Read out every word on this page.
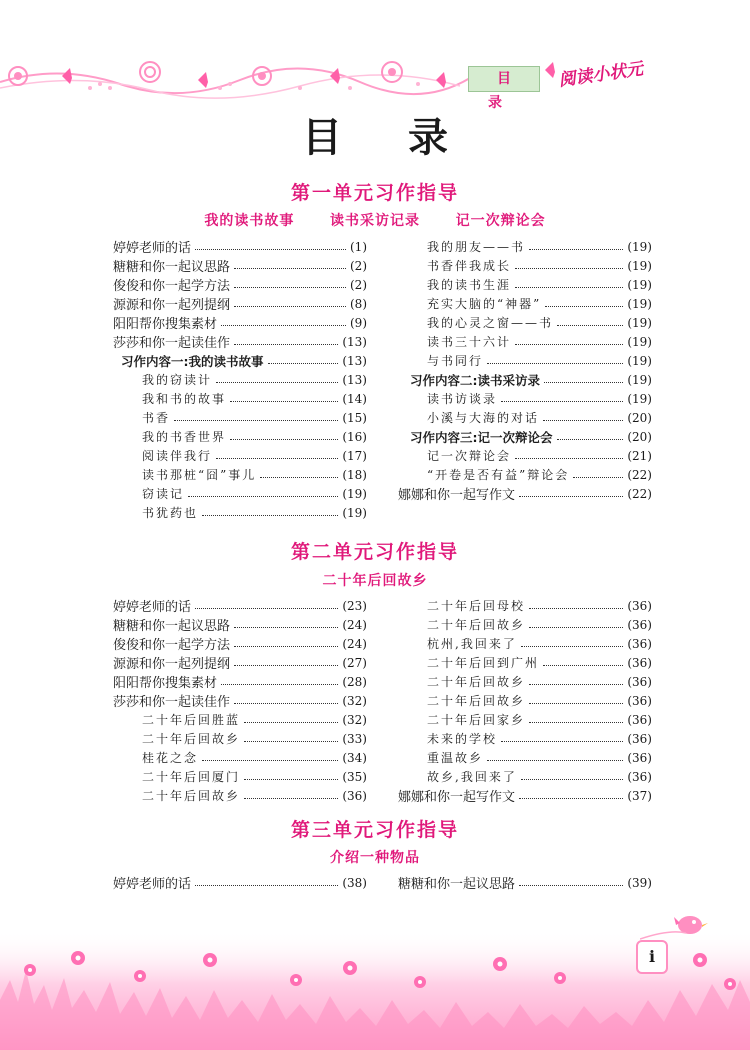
目录
阅读小状元
目录
第一单元习作指导
我的读书故事   读书采访记录   记一次辩论会
婷婷老师的话	(1)
糖糖和你一起议思路	(2)
俊俊和你一起学方法	(2)
源源和你一起列提纲	(8)
阳阳帮你搜集素材	(9)
莎莎和你一起读佳作	(13)
习作内容一:我的读书故事	(13)
我的窃读计	(13)
我和书的故事	(14)
书香	(15)
我的书香世界	(16)
阅读伴我行	(17)
读书那桩“囧”事儿	(18)
窃读记	(19)
书犹药也	(19)
我的朋友——书	(19)
书香伴我成长	(19)
我的读书生涯	(19)
充实大脑的“神器”	(19)
我的心灵之窗——书	(19)
读书三十六计	(19)
与书同行	(19)
习作内容二:读书采访录	(19)
读书访谈录	(19)
小溪与大海的对话	(20)
习作内容三:记一次辩论会	(20)
记一次辩论会	(21)
“开卷是否有益”辩论会	(22)
娜娜和你一起写作文	(22)
第二单元习作指导
二十年后回故乡
婷婷老师的话	(23)
糖糖和你一起议思路	(24)
俊俊和你一起学方法	(24)
源源和你一起列提纲	(27)
阳阳帮你搜集素材	(28)
莎莎和你一起读佳作	(32)
二十年后回胜蓝	(32)
二十年后回故乡	(33)
桂花之念	(34)
二十年后回厦门	(35)
二十年后回故乡	(36)
二十年后回母校	(36)
二十年后回故乡	(36)
杭州,我回来了	(36)
二十年后回到广州	(36)
二十年后回故乡	(36)
二十年后回故乡	(36)
二十年后回家乡	(36)
未来的学校	(36)
重温故乡	(36)
故乡,我回来了	(36)
娜娜和你一起写作文	(37)
第三单元习作指导
介绍一种物品
婷婷老师的话	(38) 糖糖和你一起议思路	(39)
i
